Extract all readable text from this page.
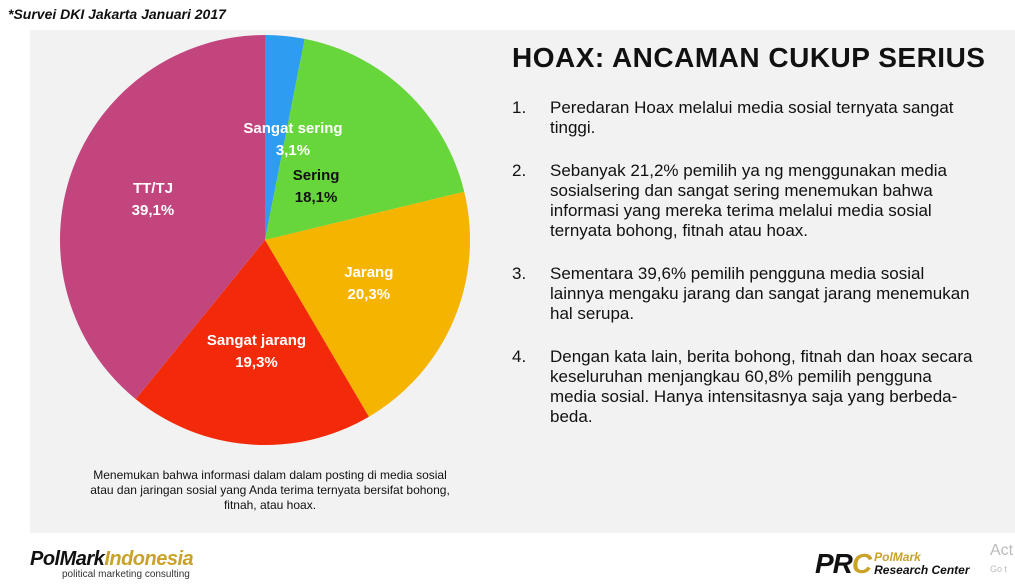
*Survei DKI Jakarta Januari 2017
Sangat sering
3,1%
Sering
18,1%
Jarang
20,3%
Sangat jarang
19,3%
TT/TJ
39,1%
Menemukan bahwa informasi dalam dalam posting di media sosial atau dan jaringan sosial yang Anda terima ternyata bersifat bohong, fitnah, atau hoax.
HOAX: ANCAMAN CUKUP SERIUS
1.	Peredaran Hoax melalui media sosial ternyata sangat tinggi.
2.	Sebanyak 21,2% pemilih ya ng menggunakan media sosialsering dan sangat sering menemukan bahwa informasi yang mereka terima melalui media sosial ternyata bohong, fitnah atau hoax.
3.	Sementara 39,6% pemilih pengguna media sosial lainnya mengaku jarang dan sangat jarang menemukan hal serupa.
4.	Dengan kata lain, berita bohong, fitnah dan hoax secara keseluruhan menjangkau 60,8% pemilih pengguna media sosial. Hanya intensitasnya saja yang berbeda-beda.
PolMarkIndonesia
political marketing consulting	PRC PolMark
Research Center
Act
Go t
